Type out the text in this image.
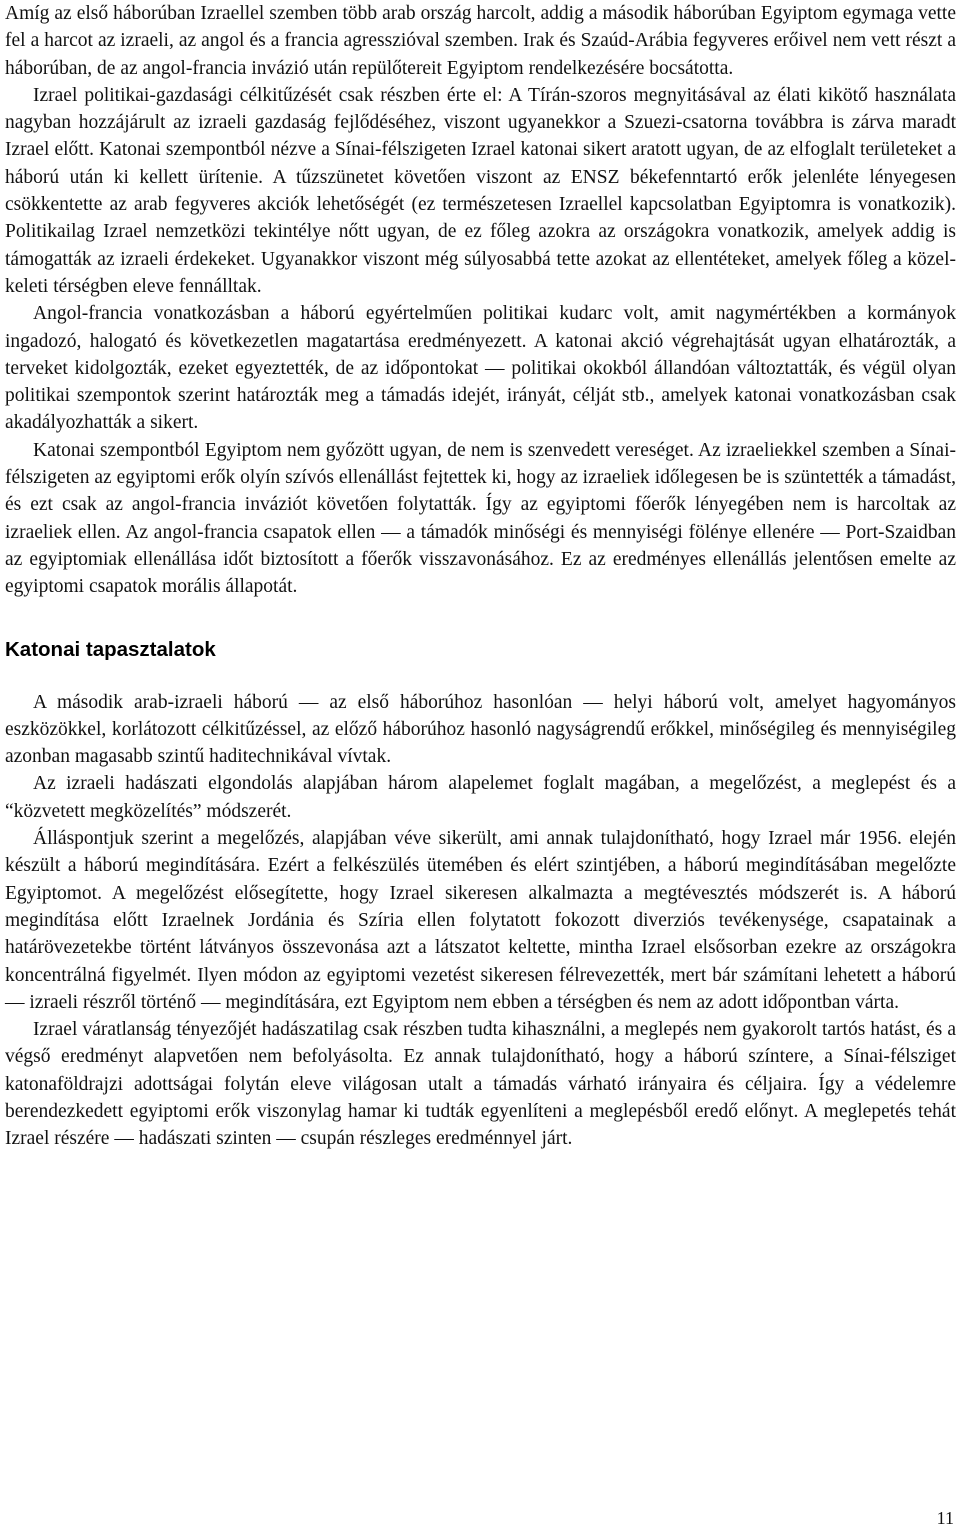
Amíg az első háborúban Izraellel szemben több arab ország harcolt, addig a második háborúban Egyiptom egymaga vette fel a harcot az izraeli, az angol és a francia agresszióval szemben. Irak és Szaúd-Arábia fegyveres erőivel nem vett részt a háborúban, de az angol-francia invázió után repülőtereit Egyiptom rendelkezésére bocsátotta.

Izrael politikai-gazdasági célkitűzését csak részben érte el: A Tírán-szoros megnyitásával az élati kikötő használata nagyban hozzájárult az izraeli gazdaság fejlődéséhez, viszont ugyanekkor a Szuezi-csatorna továbbra is zárva maradt Izrael előtt. Katonai szempontból nézve a Sínai-félszigeten Izrael katonai sikert aratott ugyan, de az elfoglalt területeket a háború után ki kellett ürítenie. A tűzszünetet követően viszont az ENSZ békefenntartó erők jelenléte lényegesen csökkentette az arab fegyveres akciók lehetőségét (ez természetesen Izraellel kapcsolatban Egyiptomra is vonatkozik). Politikailag Izrael nemzetközi tekintélye nőtt ugyan, de ez főleg azokra az országokra vonatkozik, amelyek addig is támogatták az izraeli érdekeket. Ugyanakkor viszont még súlyosabbá tette azokat az ellentéteket, amelyek főleg a közel-keleti térségben eleve fennálltak.

Angol-francia vonatkozásban a háború egyértelműen politikai kudarc volt, amit nagymértékben a kormányok ingadozó, halogató és következetlen magatartása eredményezett. A katonai akció végrehajtását ugyan elhatározták, a terveket kidolgozták, ezeket egyeztették, de az időpontokat — politikai okokból állandóan változtatták, és végül olyan politikai szempontok szerint határozták meg a támadás idejét, irányát, célját stb., amelyek katonai vonatkozásban csak akadályozhatták a sikert.

Katonai szempontból Egyiptom nem győzött ugyan, de nem is szenvedett vereséget. Az izraeliekkel szemben a Sínai-félszigeten az egyiptomi erők olyín szívós ellenállást fejtettek ki, hogy az izraeliek időlegesen be is szüntették a támadást, és ezt csak az angol-francia inváziót követően folytatták. Így az egyiptomi főerők lényegében nem is harcoltak az izraeliek ellen. Az angol-francia csapatok ellen — a támadók minőségi és mennyiségi fölénye ellenére — Port-Szaidban az egyiptomiak ellenállása időt biztosított a főerők visszavonásához. Ez az eredményes ellenállás jelentősen emelte az egyiptomi csapatok morális állapotát.

Katonai tapasztalatok

A második arab-izraeli háború — az első háborúhoz hasonlóan — helyi háború volt, amelyet hagyományos eszközökkel, korlátozott célkitűzéssel, az előző háborúhoz hasonló nagyságrendű erőkkel, minőségileg és mennyiségileg azonban magasabb szintű haditechnikával vívtak.

Az izraeli hadászati elgondolás alapjában három alapelemet foglalt magában, a megelőzést, a meglepést és a “közvetett megközelítés” módszerét.

Álláspontjuk szerint a megelőzés, alapjában véve sikerült, ami annak tulajdonítható, hogy Izrael már 1956. elején készült a háború megindítására. Ezért a felkészülés ütemében és elért szintjében, a háború megindításában megelőzte Egyiptomot. A megelőzést elősegítette, hogy Izrael sikeresen alkalmazta a megtévesztés módszerét is. A háború megindítása előtt Izraelnek Jordánia és Szíria ellen folytatott fokozott diverziós tevékenysége, csapatainak a határövezetekbe történt látványos összevonása azt a látszatot keltette, mintha Izrael elsősorban ezekre az országokra koncentrálná figyelmét. Ilyen módon az egyiptomi vezetést sikeresen félrevezették, mert bár számítani lehetett a háború — izraeli részről történő — megindítására, ezt Egyiptom nem ebben a térségben és nem az adott időpontban várta.

Izrael váratlanság tényezőjét hadászatilag csak részben tudta kihasználni, a meglepés nem gyakorolt tartós hatást, és a végső eredményt alapvetően nem befolyásolta. Ez annak tulajdonítható, hogy a háború színtere, a Sínai-félsziget katonaföldrajzi adottságai folytán eleve világosan utalt a támadás várható irányaira és céljaira. Így a védelemre berendezkedett egyiptomi erők viszonylag hamar ki tudták egyenlíteni a meglepésből eredő előnyt. A meglepetés tehát Izrael részére — hadászati szinten — csupán részleges eredménnyel járt.

11
